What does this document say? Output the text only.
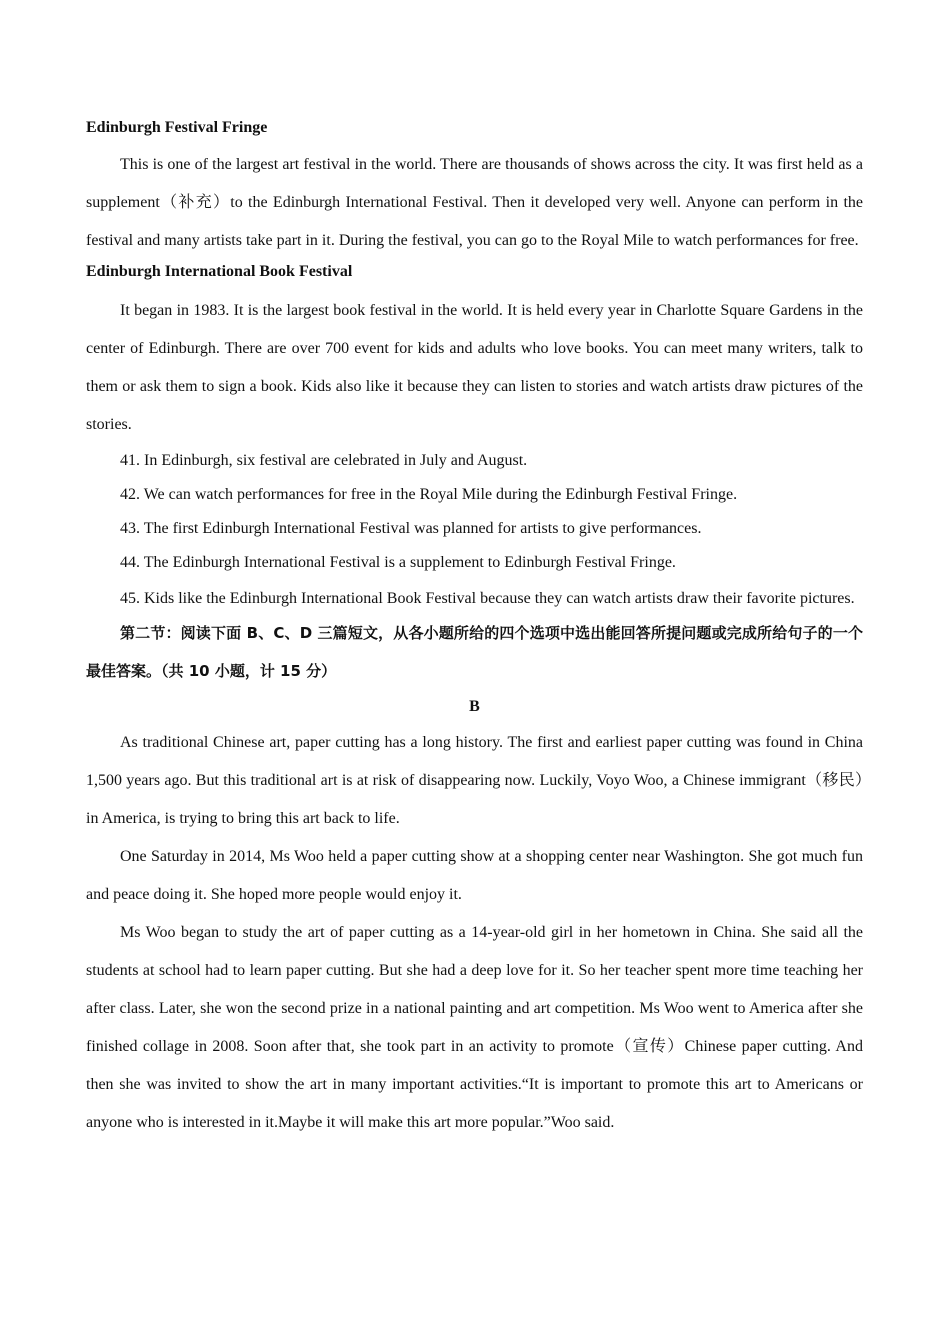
Edinburgh Festival Fringe

This is one of the largest art festival in the world. There are thousands of shows across the city. It was first held as a supplement（补充）to the Edinburgh International Festival. Then it developed very well. Anyone can perform in the festival and many artists take part in it. During the festival, you can go to the Royal Mile to watch performances for free.

Edinburgh International Book Festival

It began in 1983. It is the largest book festival in the world. It is held every year in Charlotte Square Gardens in the center of Edinburgh. There are over 700 event for kids and adults who love books. You can meet many writers, talk to them or ask them to sign a book. Kids also like it because they can listen to stories and watch artists draw pictures of the stories.

41. In Edinburgh, six festival are celebrated in July and August.

42. We can watch performances for free in the Royal Mile during the Edinburgh Festival Fringe.

43. The first Edinburgh International Festival was planned for artists to give performances.

44. The Edinburgh International Festival is a supplement to Edinburgh Festival Fringe.

45. Kids like the Edinburgh International Book Festival because they can watch artists draw their favorite pictures.

第二节：阅读下面 B、C、D 三篇短文，从各小题所给的四个选项中选出能回答所提问题或完成所给句子的一个最佳答案。（共 10 小题，计 15 分）

B

As traditional Chinese art, paper cutting has a long history. The first and earliest paper cutting was found in China 1,500 years ago. But this traditional art is at risk of disappearing now. Luckily, Voyo Woo, a Chinese immigrant（移民）in America, is trying to bring this art back to life.

One Saturday in 2014, Ms Woo held a paper cutting show at a shopping center near Washington. She got much fun and peace doing it. She hoped more people would enjoy it.

Ms Woo began to study the art of paper cutting as a 14-year-old girl in her hometown in China. She said all the students at school had to learn paper cutting. But she had a deep love for it. So her teacher spent more time teaching her after class. Later, she won the second prize in a national painting and art competition. Ms Woo went to America after she finished collage in 2008. Soon after that, she took part in an activity to promote（宣传）Chinese paper cutting. And then she was invited to show the art in many important activities.“It is important to promote this art to Americans or anyone who is interested in it.Maybe it will make this art more popular.”Woo said.
